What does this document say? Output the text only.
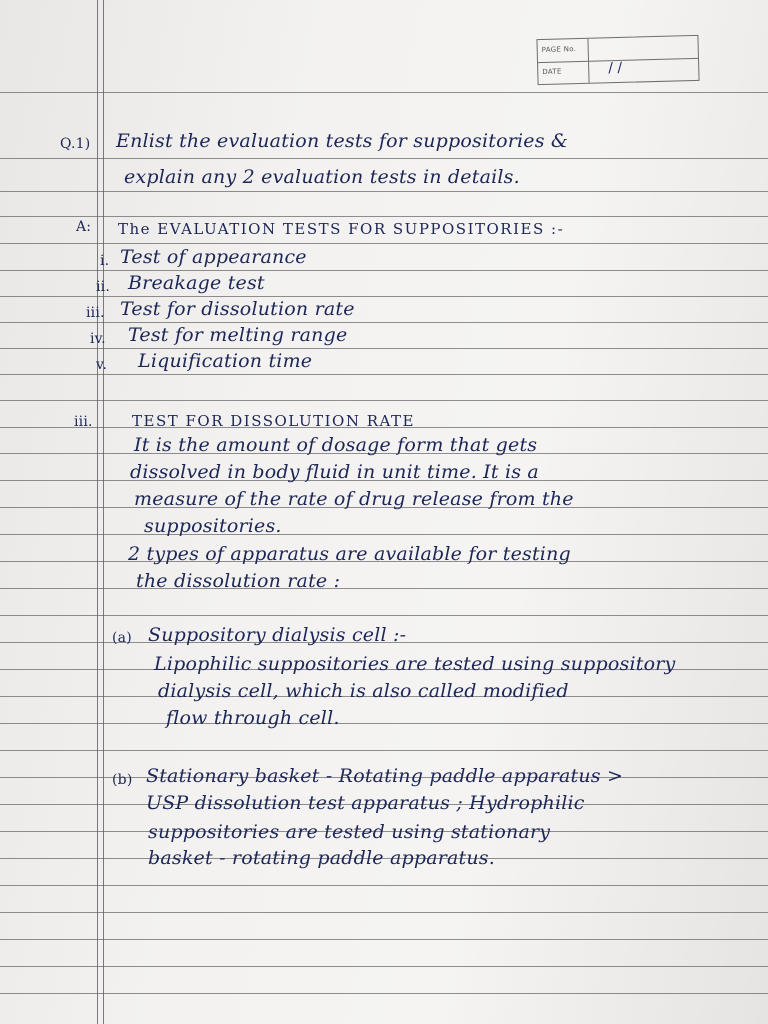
PAGE No.
DATE	/ /
Q.1) Enlist the evaluation tests for suppositories &
explain any 2 evaluation tests in details.
A: The EVALUATION TESTS FOR SUPPOSITORIES :-
i. Test of appearance
ii. Breakage test
iii. Test for dissolution rate
iv. Test for melting range
v. Liquification time
iii.	TEST FOR DISSOLUTION RATE
It is the amount of dosage form that gets
dissolved in body fluid in unit time. It is a
measure of the rate of drug release from the
suppositories.
2 types of apparatus are available for testing
the dissolution rate :
(a) Suppository dialysis cell :-
Lipophilic suppositories are tested using suppository
dialysis cell, which is also called modified
flow through cell.
(b) Stationary basket - Rotating paddle apparatus >
USP dissolution test apparatus ; Hydrophilic
suppositories are tested using stationary
basket - rotating paddle apparatus.
